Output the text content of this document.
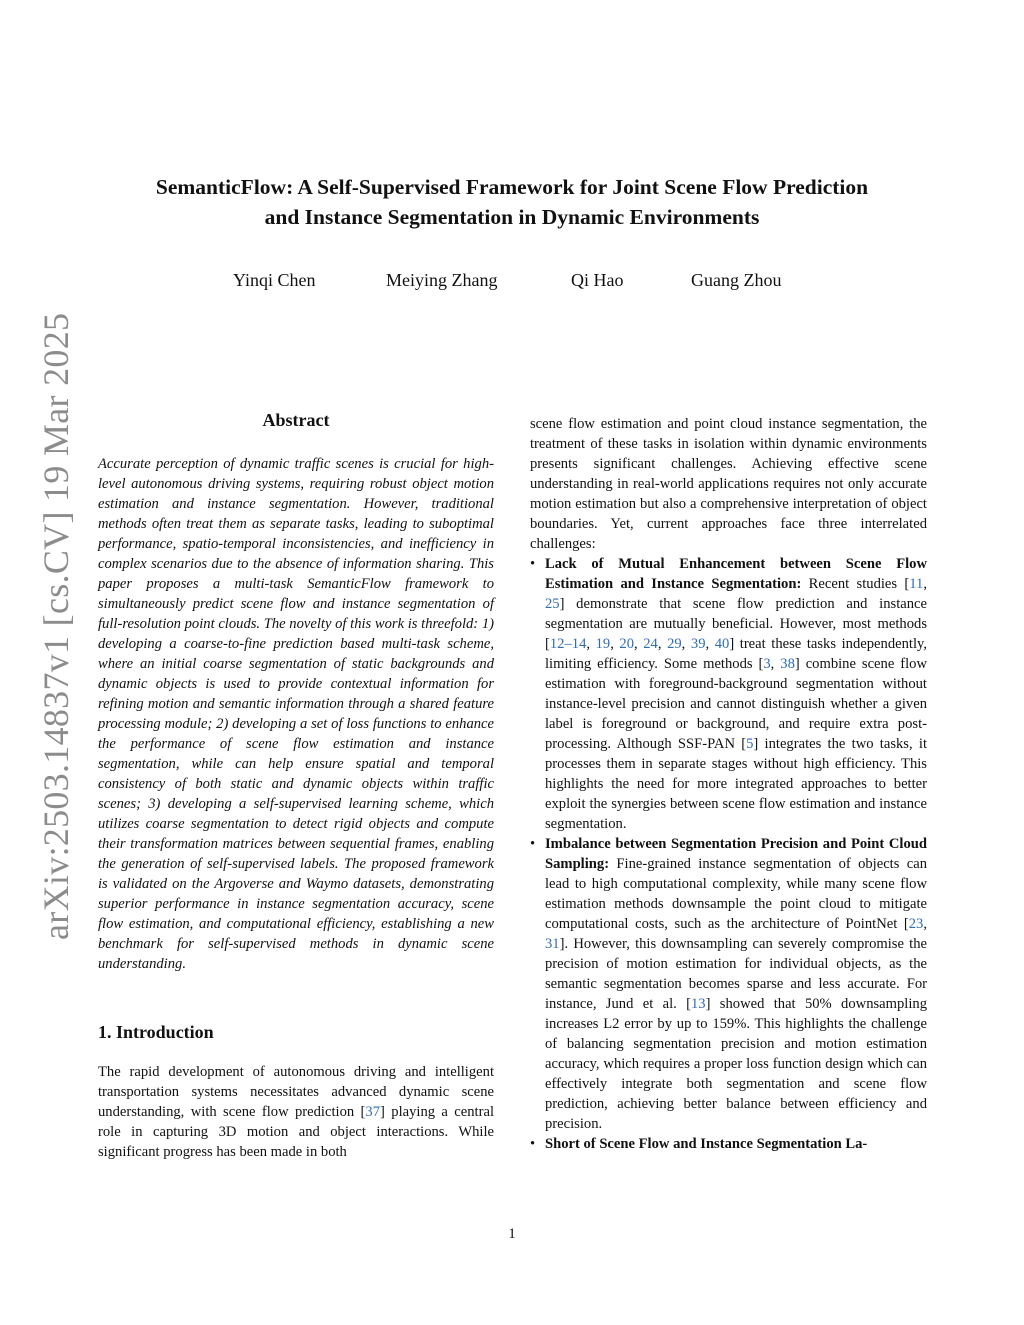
arXiv:2503.14837v1 [cs.CV] 19 Mar 2025
SemanticFlow: A Self-Supervised Framework for Joint Scene Flow Prediction
and Instance Segmentation in Dynamic Environments
Yinqi Chen	Meiying Zhang	Qi Hao	Guang Zhou
Abstract

Accurate perception of dynamic traffic scenes is crucial for high-level autonomous driving systems, requiring robust object motion estimation and instance segmentation. However, traditional methods often treat them as separate tasks, leading to suboptimal performance, spatio-temporal inconsistencies, and inefficiency in complex scenarios due to the absence of information sharing. This paper proposes a multi-task SemanticFlow framework to simultaneously predict scene flow and instance segmentation of full-resolution point clouds. The novelty of this work is threefold: 1) developing a coarse-to-fine prediction based multi-task scheme, where an initial coarse segmentation of static backgrounds and dynamic objects is used to provide contextual information for refining motion and semantic information through a shared feature processing module; 2) developing a set of loss functions to enhance the performance of scene flow estimation and instance segmentation, while can help ensure spatial and temporal consistency of both static and dynamic objects within traffic scenes; 3) developing a self-supervised learning scheme, which utilizes coarse segmentation to detect rigid objects and compute their transformation matrices between sequential frames, enabling the generation of self-supervised labels. The proposed framework is validated on the Argoverse and Waymo datasets, demonstrating superior performance in instance segmentation accuracy, scene flow estimation, and computational efficiency, establishing a new benchmark for self-supervised methods in dynamic scene understanding.

1. Introduction

The rapid development of autonomous driving and intelligent transportation systems necessitates advanced dynamic scene understanding, with scene flow prediction [37] playing a central role in capturing 3D motion and object interactions. While significant progress has been made in both

scene flow estimation and point cloud instance segmentation, the treatment of these tasks in isolation within dynamic environments presents significant challenges. Achieving effective scene understanding in real-world applications requires not only accurate motion estimation but also a comprehensive interpretation of object boundaries. Yet, current approaches face three interrelated challenges:

• Lack of Mutual Enhancement between Scene Flow Estimation and Instance Segmentation: Recent studies [11, 25] demonstrate that scene flow prediction and instance segmentation are mutually beneficial. However, most methods [12–14, 19, 20, 24, 29, 39, 40] treat these tasks independently, limiting efficiency. Some methods [3, 38] combine scene flow estimation with foreground-background segmentation without instance-level precision and cannot distinguish whether a given label is foreground or background, and require extra post-processing. Although SSF-PAN [5] integrates the two tasks, it processes them in separate stages without high efficiency. This highlights the need for more integrated approaches to better exploit the synergies between scene flow estimation and instance segmentation.
• Imbalance between Segmentation Precision and Point Cloud Sampling: Fine-grained instance segmentation of objects can lead to high computational complexity, while many scene flow estimation methods downsample the point cloud to mitigate computational costs, such as the architecture of PointNet [23, 31]. However, this downsampling can severely compromise the precision of motion estimation for individual objects, as the semantic segmentation becomes sparse and less accurate. For instance, Jund et al. [13] showed that 50% downsampling increases L2 error by up to 159%. This highlights the challenge of balancing segmentation precision and motion estimation accuracy, which requires a proper loss function design which can effectively integrate both segmentation and scene flow prediction, achieving better balance between efficiency and precision.
• Short of Scene Flow and Instance Segmentation La-
1
